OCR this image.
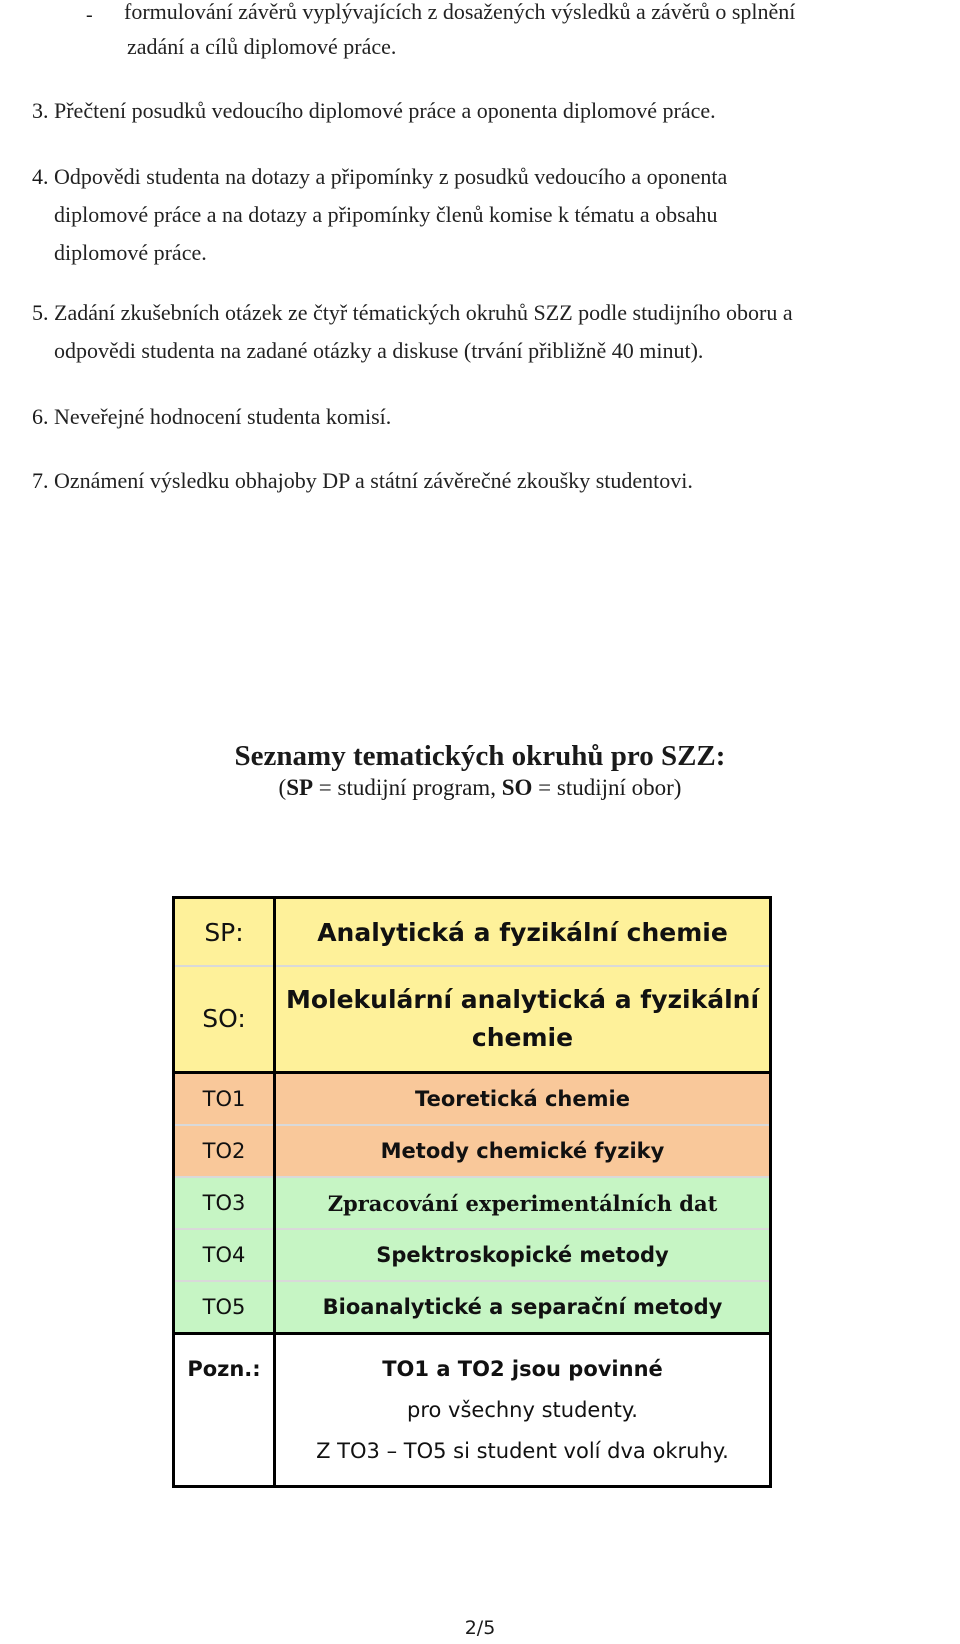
- formulování závěrů vyplývajících z dosažených výsledků a závěrů o splnění
zadání a cílů diplomové práce.
3. Přečtení posudků vedoucího diplomové práce a oponenta diplomové práce.
4. Odpovědi studenta na dotazy a připomínky z posudků vedoucího a oponenta
diplomové práce a na dotazy a připomínky členů komise k tématu a obsahu
diplomové práce.
5. Zadání zkušebních otázek ze čtyř tématických okruhů SZZ podle studijního oboru a
odpovědi studenta na zadané otázky a diskuse (trvání přibližně 40 minut).
6. Neveřejné hodnocení studenta komisí.
7. Oznámení výsledku obhajoby DP a státní závěrečné zkoušky studentovi.
Seznamy tematických okruhů pro SZZ:
(SP = studijní program, SO = studijní obor)
SP:	Analytická a fyzikální chemie
SO:	Molekulární analytická a fyzikální
chemie

TO1	Teoretická chemie
TO2	Metody chemické fyziky
TO3	Zpracování experimentálních dat
TO4	Spektroskopické metody
TO5	Bioanalytické a separační metody
Pozn.:	TO1 a TO2 jsou povinné
pro všechny studenty.
Z TO3 – TO5 si student volí dva okruhy.
2/5
